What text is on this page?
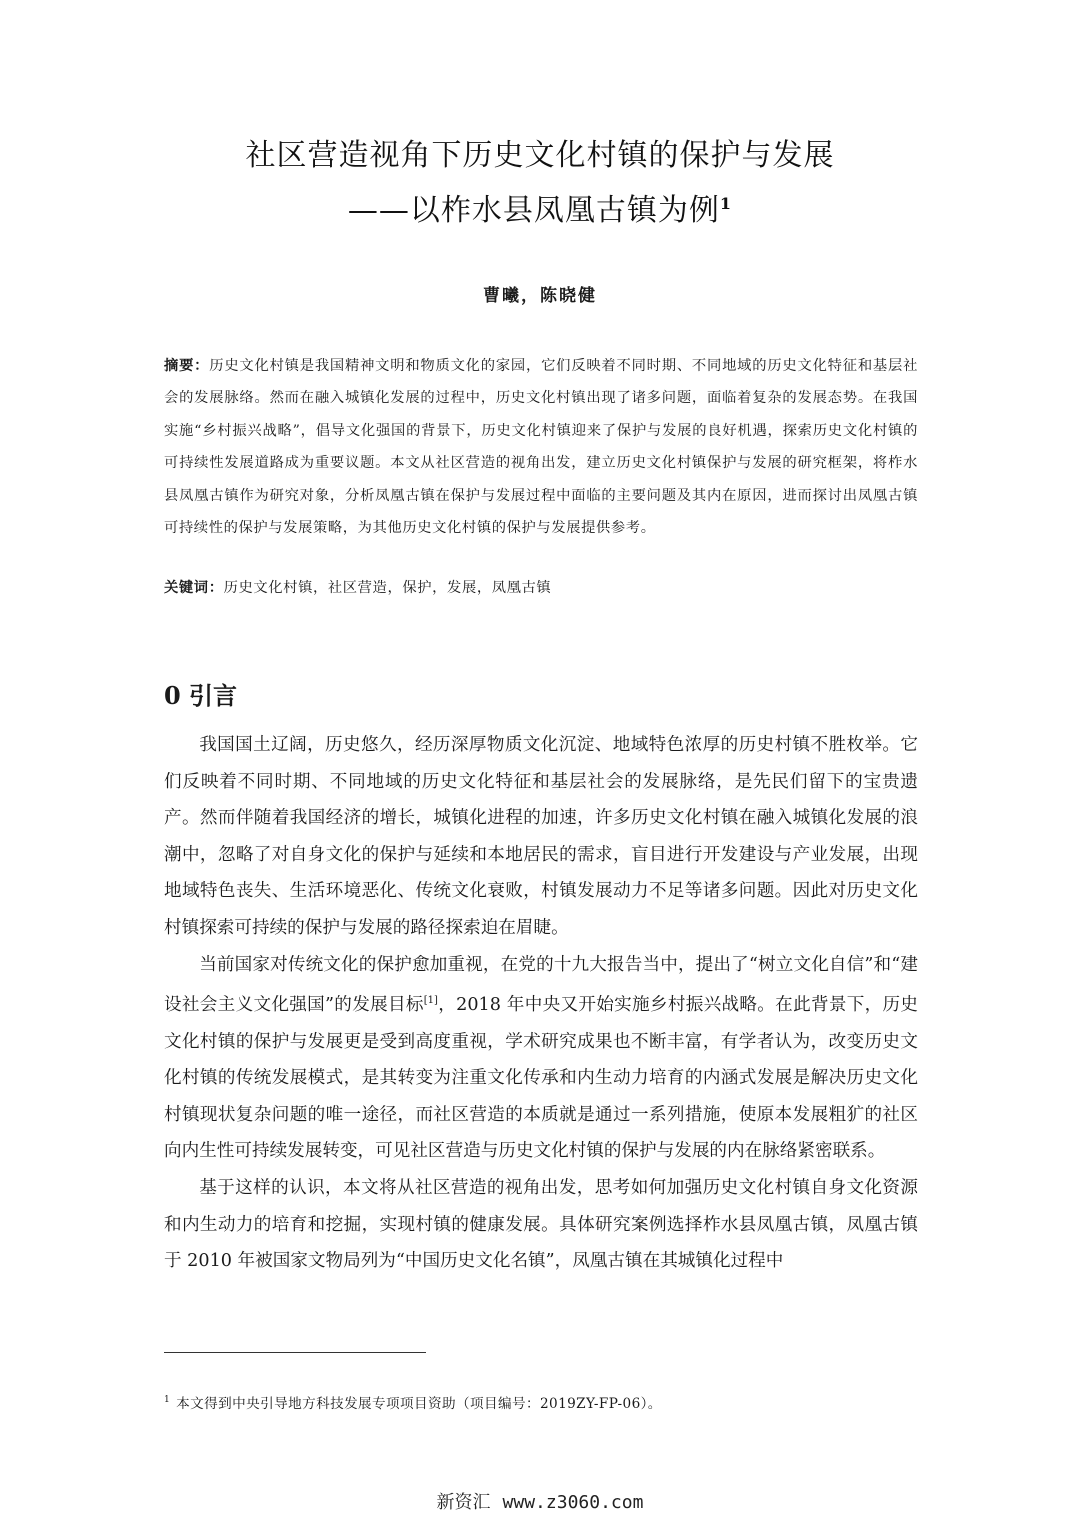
社区营造视角下历史文化村镇的保护与发展
——以柞水县凤凰古镇为例$^1$
曹曦，陈晓健
摘要：历史文化村镇是我国精神文明和物质文化的家园，它们反映着不同时期、不同地域的历史文化特征和基层社会的发展脉络。然而在融入城镇化发展的过程中，历史文化村镇出现了诸多问题，面临着复杂的发展态势。在我国实施“乡村振兴战略”，倡导文化强国的背景下，历史文化村镇迎来了保护与发展的良好机遇，探索历史文化村镇的可持续性发展道路成为重要议题。本文从社区营造的视角出发，建立历史文化村镇保护与发展的研究框架，将柞水县凤凰古镇作为研究对象，分析凤凰古镇在保护与发展过程中面临的主要问题及其内在原因，进而探讨出凤凰古镇可持续性的保护与发展策略，为其他历史文化村镇的保护与发展提供参考。
关键词：历史文化村镇，社区营造，保护，发展，凤凰古镇
0 引言

我国国土辽阔，历史悠久，经历深厚物质文化沉淀、地域特色浓厚的历史村镇不胜枚举。它们反映着不同时期、不同地域的历史文化特征和基层社会的发展脉络，是先民们留下的宝贵遗产。然而伴随着我国经济的增长，城镇化进程的加速，许多历史文化村镇在融入城镇化发展的浪潮中，忽略了对自身文化的保护与延续和本地居民的需求，盲目进行开发建设与产业发展，出现地域特色丧失、生活环境恶化、传统文化衰败，村镇发展动力不足等诸多问题。因此对历史文化村镇探索可持续的保护与发展的路径探索迫在眉睫。

当前国家对传统文化的保护愈加重视，在党的十九大报告当中，提出了“树立文化自信”和“建设社会主义文化强国”的发展目标[1]，2018 年中央又开始实施乡村振兴战略。在此背景下，历史文化村镇的保护与发展更是受到高度重视，学术研究成果也不断丰富，有学者认为，改变历史文化村镇的传统发展模式，是其转变为注重文化传承和内生动力培育的内涵式发展是解决历史文化村镇现状复杂问题的唯一途径，而社区营造的本质就是通过一系列措施，使原本发展粗犷的社区向内生性可持续发展转变，可见社区营造与历史文化村镇的保护与发展的内在脉络紧密联系。

基于这样的认识，本文将从社区营造的视角出发，思考如何加强历史文化村镇自身文化资源和内生动力的培育和挖掘，实现村镇的健康发展。具体研究案例选择柞水县凤凰古镇，凤凰古镇于 2010 年被国家文物局列为“中国历史文化名镇”，凤凰古镇在其城镇化过程中

$^1$ 本文得到中央引导地方科技发展专项项目资助（项目编号：2019ZY-FP-06）。
新资汇 www.z3060.com
